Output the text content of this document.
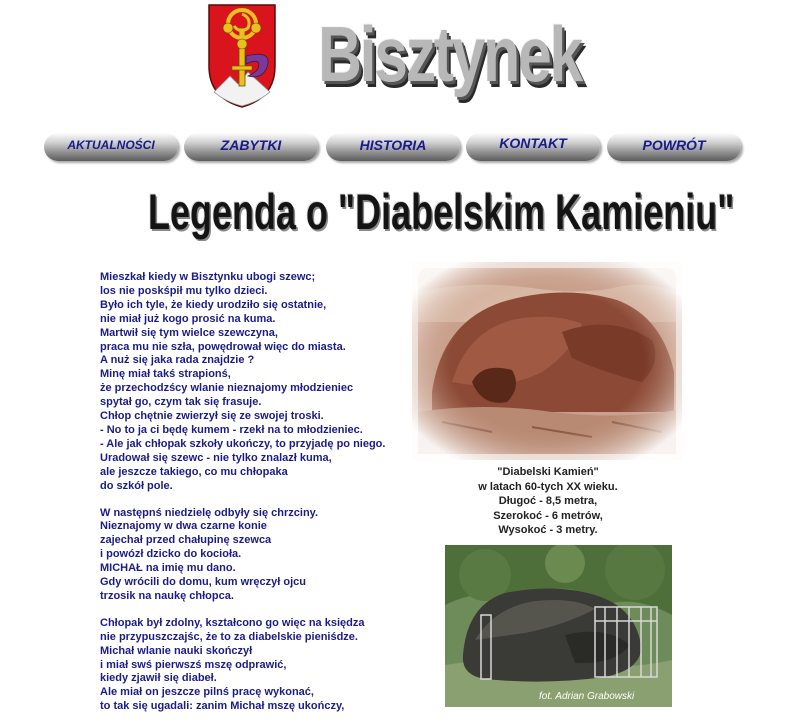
Bisztynek
AKTUALNOŚCI	ZABYTKI	HISTORIA	KONTAKT	POWRÓT
Legenda o "Diabelskim Kamieniu"
Mieszkał kiedy w Bisztynku ubogi szewc;
los nie poskśpił mu tylko dzieci.
Było ich tyle, że kiedy urodziło się ostatnie,
nie miał już kogo prosić na kuma.
Martwił się tym wielce szewczyna,
praca mu nie szła, powędrował więc do miasta.
A nuż się jaka rada znajdzie ?
Minę miał takś strapionś,
że przechodzścy wlanie nieznajomy młodzieniec
spytał go, czym tak się frasuje.
Chłop chętnie zwierzył się ze swojej troski.
- No to ja ci będę kumem - rzekł na to młodzieniec.
- Ale jak chłopak szkoły ukończy, to przyjadę po niego.
Uradował się szewc - nie tylko znalazł kuma,
ale jeszcze takiego, co mu chłopaka
do szkół pole.
W następnś niedzielę odbyły się chrzciny.
Nieznajomy w dwa czarne konie
zajechał przed chałupinę szewca
i powózł dzicko do kocioła.
MICHAŁ na imię mu dano.
Gdy wrócili do domu, kum wręczył ojcu
trzosik na naukę chłopca.
Chłopak był zdolny, kształcono go więc na księdza
nie przypuszczajśc, że to za diabelskie pieniśdze.
Michał wlanie nauki skończył
i miał swś pierwszś mszę odprawić,
kiedy zjawił się diabeł.
Ale miał on jeszcze pilnś pracę wykonać,
to tak się ugadali: zanim Michał mszę ukończy,
"Diabelski Kamień"
w latach 60-tych XX wieku.
Długoć - 8,5 metra,
Szerokoć - 6 metrów,
Wysokoć - 3 metry.
fot. Adrian Grabowski
